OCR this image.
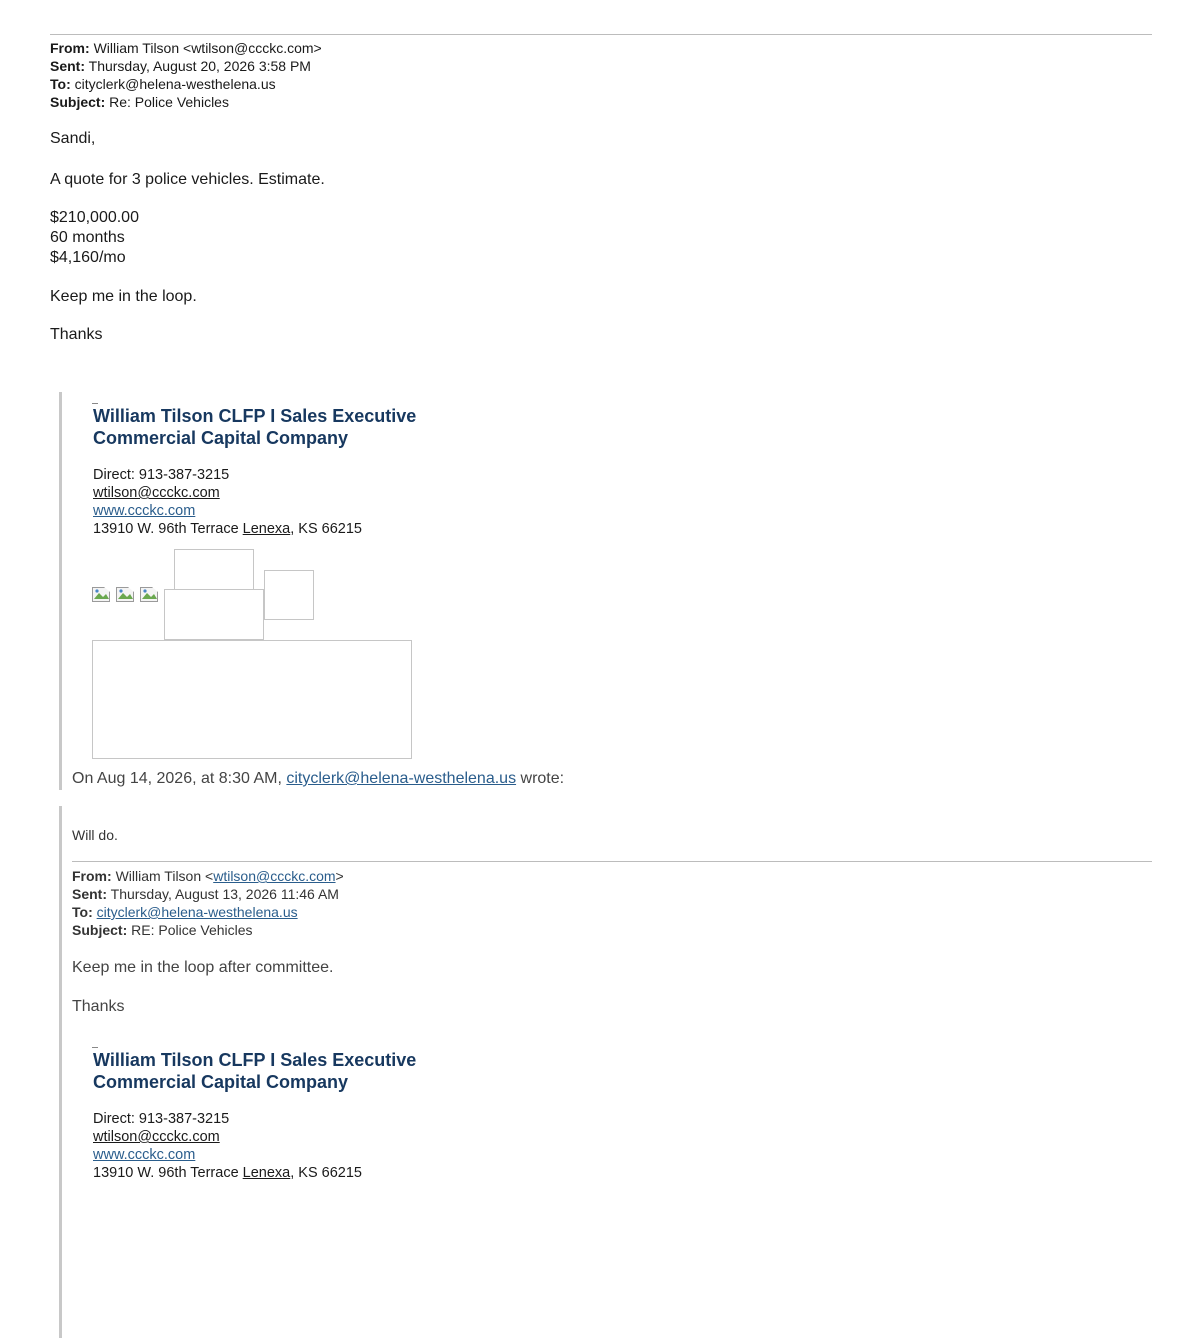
From: William Tilson <wtilson@ccckc.com>
Sent: Thursday, August 20, 2026 3:58 PM
To: cityclerk@helena-westhelena.us
Subject: Re: Police Vehicles
Sandi,
A quote for 3 police vehicles. Estimate.
$210,000.00
60 months
$4,160/mo
Keep me in the loop.
Thanks
William Tilson CLFP I Sales Executive
Commercial Capital Company
Direct: 913-387-3215
wtilson@ccckc.com
www.ccckc.com
13910 W. 96th Terrace Lenexa, KS 66215
On Aug 14, 2026, at 8:30 AM, cityclerk@helena-westhelena.us wrote:
Will do.
From: William Tilson <wtilson@ccckc.com>
Sent: Thursday, August 13, 2026 11:46 AM
To: cityclerk@helena-westhelena.us
Subject: RE: Police Vehicles
Keep me in the loop after committee.
Thanks
William Tilson CLFP I Sales Executive
Commercial Capital Company
Direct: 913-387-3215
wtilson@ccckc.com
www.ccckc.com
13910 W. 96th Terrace Lenexa, KS 66215
